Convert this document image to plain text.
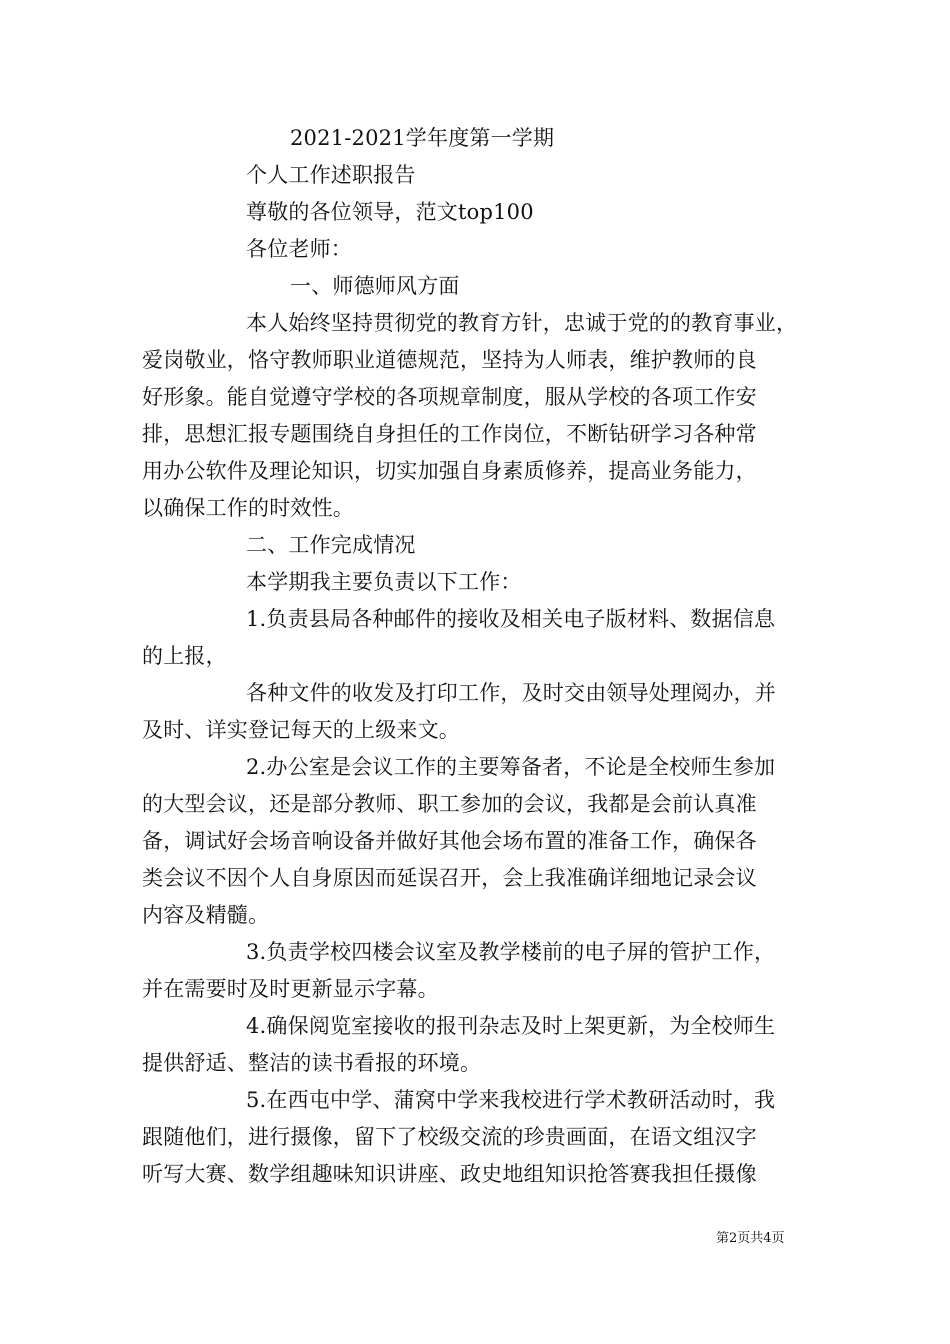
2021-2021学年度第一学期

个人工作述职报告

尊敬的各位领导，范文top100

各位老师：

一、师德师风方面

本人始终坚持贯彻党的教育方针，忠诚于党的的教育事业，

爱岗敬业，恪守教师职业道德规范，坚持为人师表，维护教师的良

好形象。能自觉遵守学校的各项规章制度，服从学校的各项工作安

排，思想汇报专题围绕自身担任的工作岗位，不断钻研学习各种常

用办公软件及理论知识，切实加强自身素质修养，提高业务能力，

以确保工作的时效性。

二、工作完成情况

本学期我主要负责以下工作：

1.负责县局各种邮件的接收及相关电子版材料、数据信息

的上报，

各种文件的收发及打印工作，及时交由领导处理阅办，并

及时、详实登记每天的上级来文。

2.办公室是会议工作的主要筹备者，不论是全校师生参加

的大型会议，还是部分教师、职工参加的会议，我都是会前认真准

备，调试好会场音响设备并做好其他会场布置的准备工作，确保各

类会议不因个人自身原因而延误召开，会上我准确详细地记录会议

内容及精髓。

3.负责学校四楼会议室及教学楼前的电子屏的管护工作，

并在需要时及时更新显示字幕。

4.确保阅览室接收的报刊杂志及时上架更新，为全校师生

提供舒适、整洁的读书看报的环境。

5.在西屯中学、蒲窝中学来我校进行学术教研活动时，我

跟随他们，进行摄像，留下了校级交流的珍贵画面，在语文组汉字

听写大赛、数学组趣味知识讲座、政史地组知识抢答赛我担任摄像

第2页共4页
